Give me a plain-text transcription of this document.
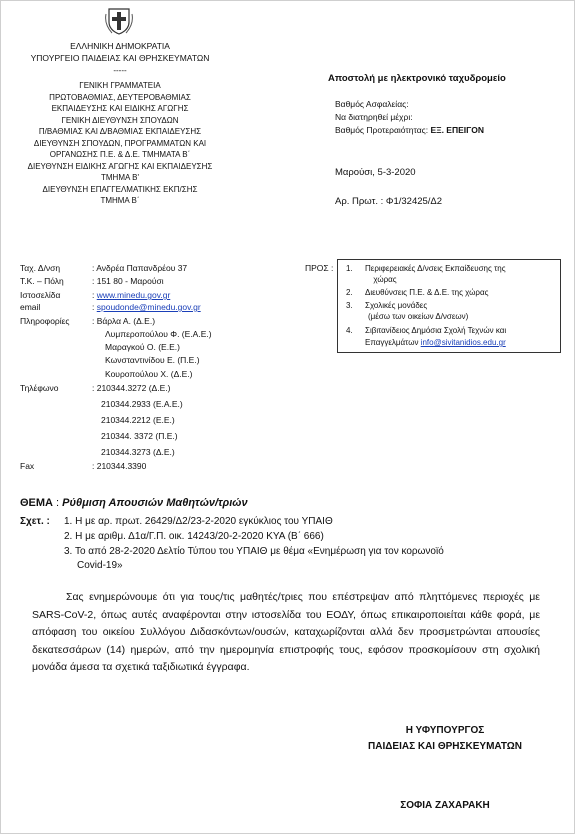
ΕΛΛΗΝΙΚΗ ΔΗΜΟΚΡΑΤΙΑ
ΥΠΟΥΡΓΕΙΟ ΠΑΙΔΕΙΑΣ ΚΑΙ ΘΡΗΣΚΕΥΜΑΤΩΝ
-----
ΓΕΝΙΚΗ ΓΡΑΜΜΑΤΕΙΑ
ΠΡΩΤΟΒΑΘΜΙΑΣ, ΔΕΥΤΕΡΟΒΑΘΜΙΑΣ
ΕΚΠΑΙΔΕΥΣΗΣ ΚΑΙ ΕΙΔΙΚΗΣ ΑΓΩΓΗΣ
ΓΕΝΙΚΗ ΔΙΕΥΘΥΝΣΗ ΣΠΟΥΔΩΝ
Π/ΒΑΘΜΙΑΣ ΚΑΙ Δ/ΒΑΘΜΙΑΣ ΕΚΠΑΙΔΕΥΣΗΣ
ΔΙΕΥΘΥΝΣΗ ΣΠΟΥΔΩΝ, ΠΡΟΓΡΑΜΜΑΤΩΝ ΚΑΙ
ΟΡΓΑΝΩΣΗΣ Π.Ε. & Δ.Ε. ΤΜΗΜΑΤΑ Β΄
ΔΙΕΥΘΥΝΣΗ ΕΙΔΙΚΗΣ ΑΓΩΓΗΣ ΚΑΙ ΕΚΠΑΙΔΕΥΣΗΣ
ΤΜΗΜΑ Β'
ΔΙΕΥΘΥΝΣΗ ΕΠΑΓΓΕΛΜΑΤΙΚΗΣ ΕΚΠ/ΣΗΣ
ΤΜΗΜΑ Β΄
Αποστολή με ηλεκτρονικό ταχυδρομείο
Βαθμός Ασφαλείας:
Να διατηρηθεί μέχρι:
Βαθμός Προτεραιότητας: ΕΞ. ΕΠΕΙΓΟΝ
Μαρούσι, 5-3-2020
Αρ. Πρωτ. : Φ1/32425/Δ2
Ταχ. Δ/νση	: Ανδρέα Παπανδρέου 37
Τ.Κ. – Πόλη	: 151 80 - Μαρούσι
Ιστοσελίδα	: www.minedu.gov.gr
email	: spoudonde@minedu.gov.gr
Πληροφορίες	: Βάρλα Α. (Δ.Ε.)
Λυμπεροπούλου Φ. (Ε.Α.Ε.)
Μαραγκού Ο. (Ε.Ε.)
Κωνσταντινίδου Ε. (Π.Ε.)
Κουροπούλου Χ. (Δ.Ε.)
Τηλέφωνο	: 210344.3272 (Δ.Ε.)
210344.2933 (Ε.Α.Ε.)
210344.2212 (Ε.Ε.)
210344. 3372 (Π.Ε.)
210344.3273 (Δ.Ε.)
Fax	: 210344.3390
ΠΡΟΣ : 1. Περιφερειακές Δ/νσεις Εκπαίδευσης της
χώρας
2. Διευθύνσεις Π.Ε. & Δ.Ε. της χώρας
3. Σχολικές μονάδες
(μέσω των οικείων Δ/νσεων)
4. Σιβιτανίδειος Δημόσια Σχολή Τεχνών και
Επαγγελμάτων info@sivitanidios.edu.gr
ΘΕΜΑ : Ρύθμιση Απουσιών Μαθητών/τριών
Σχετ. : 1. Η με αρ. πρωτ. 26429/Δ2/23-2-2020 εγκύκλιος του ΥΠΑΙΘ
2. Η με αριθμ. Δ1α/Γ.Π. οικ. 14243/20-2-2020 ΚΥΑ (Β΄ 666)
3. Το από 28-2-2020 Δελτίο Τύπου του ΥΠΑΙΘ με θέμα «Ενημέρωση για τον κορωνοϊό
Covid-19»
Σας ενημερώνουμε ότι για τους/τις μαθητές/τριες που επέστρεψαν από πληττόμενες περιοχές με SARS-CoV-2, όπως αυτές αναφέρονται στην ιστοσελίδα του ΕΟΔΥ, όπως επικαιροποιείται κάθε φορά, με απόφαση του οικείου Συλλόγου Διδασκόντων/ουσών, καταχωρίζονται αλλά δεν προσμετρώνται απουσίες δεκατεσσάρων (14) ημερών, από την ημερομηνία επιστροφής τους, εφόσον προσκομίσουν στη σχολική μονάδα άμεσα τα σχετικά ταξιδιωτικά έγγραφα.
Η ΥΦΥΠΟΥΡΓΟΣ
ΠΑΙΔΕΙΑΣ ΚΑΙ ΘΡΗΣΚΕΥΜΑΤΩΝ
ΣΟΦΙΑ ΖΑΧΑΡΑΚΗ
